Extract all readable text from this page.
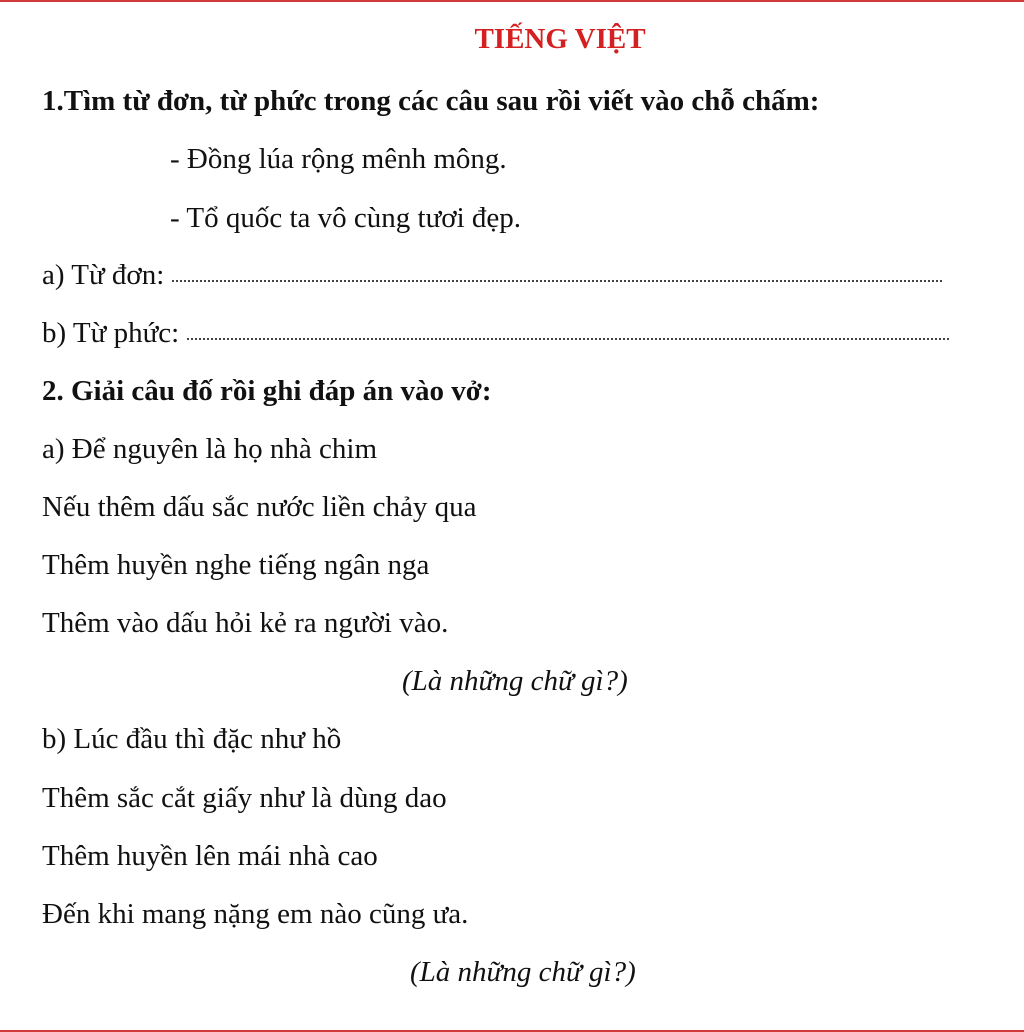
TIẾNG VIỆT
1.Tìm từ đơn, từ phức trong các câu sau rồi viết vào chỗ chấm:
- Đồng lúa rộng mênh mông.
- Tổ quốc ta vô cùng tươi đẹp.
a) Từ đơn:
b) Từ phức:
2. Giải câu đố rồi ghi đáp án vào vở:
a) Để nguyên là họ nhà chim
Nếu thêm dấu sắc nước liền chảy qua
Thêm huyền nghe tiếng ngân nga
Thêm vào dấu hỏi kẻ ra người vào.
(Là những chữ gì?)
b) Lúc đầu thì đặc như hồ
Thêm sắc cắt giấy như là dùng dao
Thêm huyền lên mái nhà cao
Đến khi mang nặng em nào cũng ưa.
(Là những chữ gì?)
